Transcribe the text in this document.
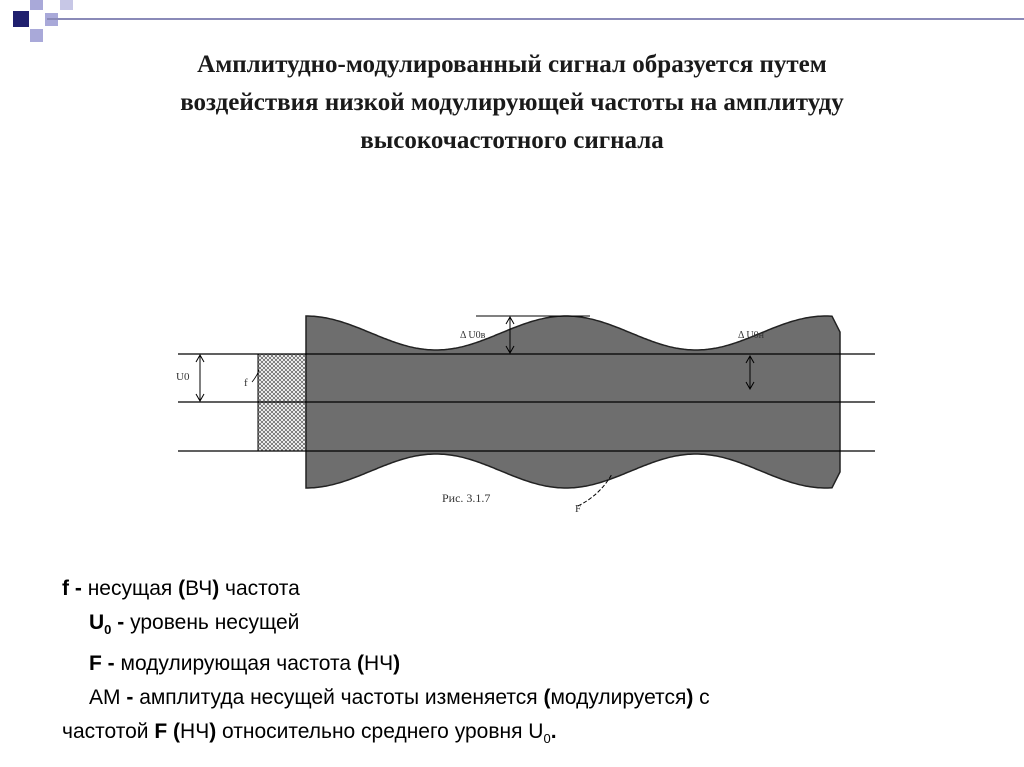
Амплитудно-модулированный сигнал образуется путем
воздействия низкой модулирующей частоты на амплитуду
высокочастотного сигнала
U0	f
Δ U0в	Δ U0н
F
Рис. 3.1.7
f - несущая (ВЧ) частота
$U_0$ - уровень несущей
F - модулирующая частота (НЧ)
АМ - амплитуда несущей частоты изменяется (модулируется) с
частотой F (НЧ) относительно среднего уровня $U_0$.
